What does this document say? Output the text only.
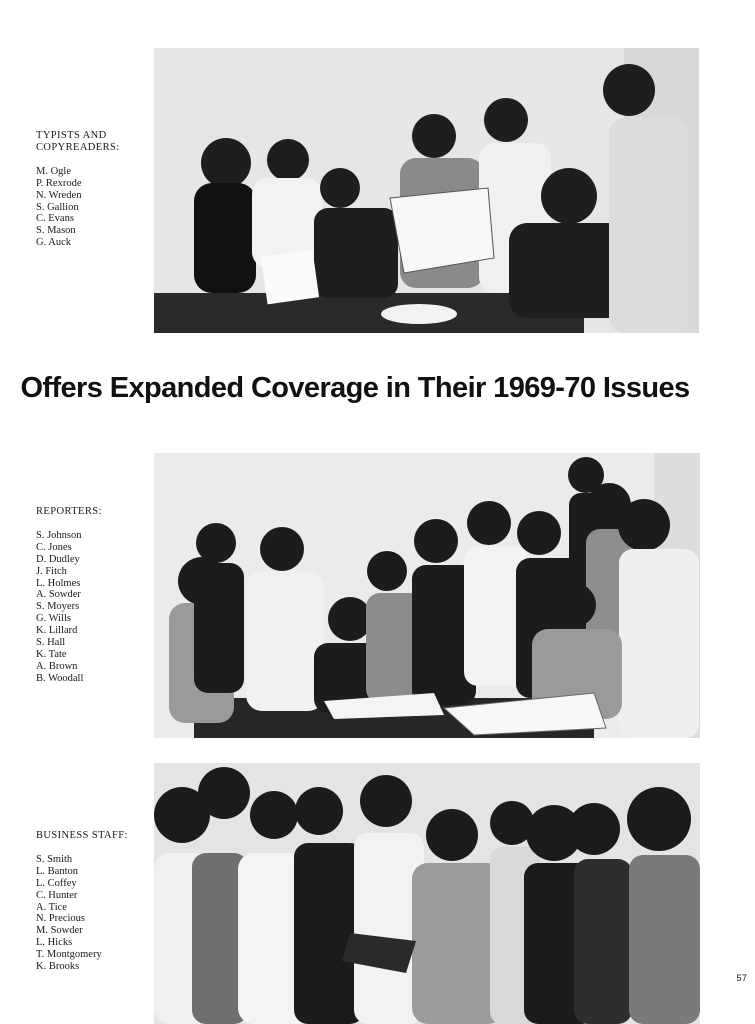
TYPISTS AND
COPYREADERS:
M. Ogle
P. Rexrode
N. Wreden
S. Gallion
C. Evans
S. Mason
G. Auck
Offers Expanded Coverage in Their 1969-70 Issues
REPORTERS:
S. Johnson
C. Jones
D. Dudley
J. Fitch
L. Holmes
A. Sowder
S. Moyers
G. Wills
K. Lillard
S. Hall
K. Tate
A. Brown
B. Woodall
BUSINESS STAFF:
S. Smith
L. Banton
L. Coffey
C. Hunter
A. Tice
N. Precious
M. Sowder
L. Hicks
T. Montgomery
K. Brooks
57
